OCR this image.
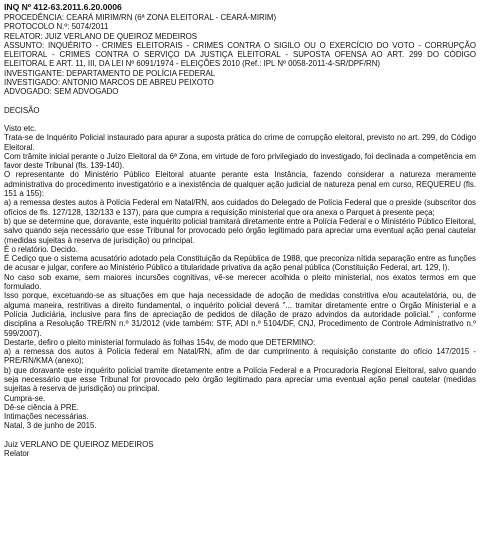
INQ Nº 412-63.2011.6.20.0006

PROCEDÊNCIA: CEARÁ MIRIM/RN (6ª ZONA ELEITORAL - CEARÁ-MIRIM)

PROTOCOLO N.º: 5074/2011

RELATOR: JUIZ VERLANO DE QUEIROZ MEDEIROS

ASSUNTO: INQUÉRITO - CRIMES ELEITORAIS - CRIMES CONTRA O SIGILO OU O EXERCÍCIO DO VOTO - CORRUPÇÃO ELEITORAL - CRIMES CONTRA O SERVIÇO DA JUSTIÇA ELEITORAL - SUPOSTA OFENSA AO ART. 299 DO CÓDIGO ELEITORAL E ART. 11, III, DA LEI Nº 6091/1974 - ELEIÇÕES 2010 (Ref.: IPL Nº 0058-2011-4-SR/DPF/RN)

INVESTIGANTE: DEPARTAMENTO DE POLÍCIA FEDERAL

INVESTIGADO: ANTONIO MARCOS DE ABREU PEIXOTO

ADVOGADO: SEM ADVOGADO

DECISÃO

Visto etc.

Trata-se de Inquérito Policial instaurado para apurar a suposta prática do crime de corrupção eleitoral, previsto no art. 299, do Código Eleitoral.

Com trâmite inicial perante o Juízo Eleitoral da 6ª Zona, em virtude de foro privilegiado do investigado, foi declinada a competência em favor deste Tribunal (fls. 139-140).

O representante do Ministério Público Eleitoral atuante perante esta Instância, fazendo considerar a natureza meramente administrativa do procedimento investigatório e a inexistência de qualquer ação judicial de natureza penal em curso, REQUEREU (fls. 151 a 155):

a) a remessa destes autos à Polícia Federal em Natal/RN, aos cuidados do Delegado de Polícia Federal que o preside (subscritor dos ofícios de fls. 127/128, 132/133 e 137), para que cumpra a requisição ministerial que ora anexa o Parquet à presente peça;

b) que se determine que, doravante, este inquérito policial tramitará diretamente entre a Polícia Federal e o Ministério Público Eleitoral, salvo quando seja necessário que esse Tribunal for provocado pelo órgão legitimado para apreciar uma eventual ação penal cautelar (medidas sujeitas à reserva de jurisdição) ou principal.

É o relatório. Decido.

É Cediço que o sistema acusatório adotado pela Constituição da República de 1988, que preconiza nítida separação entre as funções de acusar e julgar, confere ao Ministério Público a titularidade privativa da ação penal pública (Constituição Federal, art. 129, I).

No caso sob exame, sem maiores incursões cognitivas, vê-se merecer acolhida o pleito ministerial, nos exatos termos em que formulado.

Isso porque, excetuando-se as situações em que haja necessidade de adoção de medidas constritiva e/ou acautelatória, ou, de alguma maneira, restritivas a direito fundamental, o inquérito policial deverá "... tramitar diretamente entre o Órgão Ministerial e a Polícia Judiciária, inclusive para fins de apreciação de pedidos de dilação de prazo advindos da autoridade policial." , conforme disciplina a Resolução TRE/RN n.º 31/2012 (vide também: STF, ADI n.º 5104/DF, CNJ, Procedimento de Controle Administrativo n.º 599/2007).

Destarte, defiro o pleito ministerial formulado às folhas 154v, de modo que DETERMINO:

a) a remessa dos autos à Polícia federal em Natal/RN, afim de dar cumprimento à requisição constante do ofício 147/2015 - PRE/RN/KMA (anexo);

b) que doravante este inquérito policial tramite diretamente entre a Polícia Federal e a Procuradoria Regional Eleitoral, salvo quando seja necessário que esse Tribunal for provocado pelo órgão legitimado para apreciar uma eventual ação penal cautelar (medidas sujeitas à reserva de jurisdição) ou principal.

Cumpra-se.

Dê-se ciência à PRE.

Intimações necessárias.

Natal, 3 de junho de 2015.

Juiz VERLANO DE QUEIROZ MEDEIROS

Relator
